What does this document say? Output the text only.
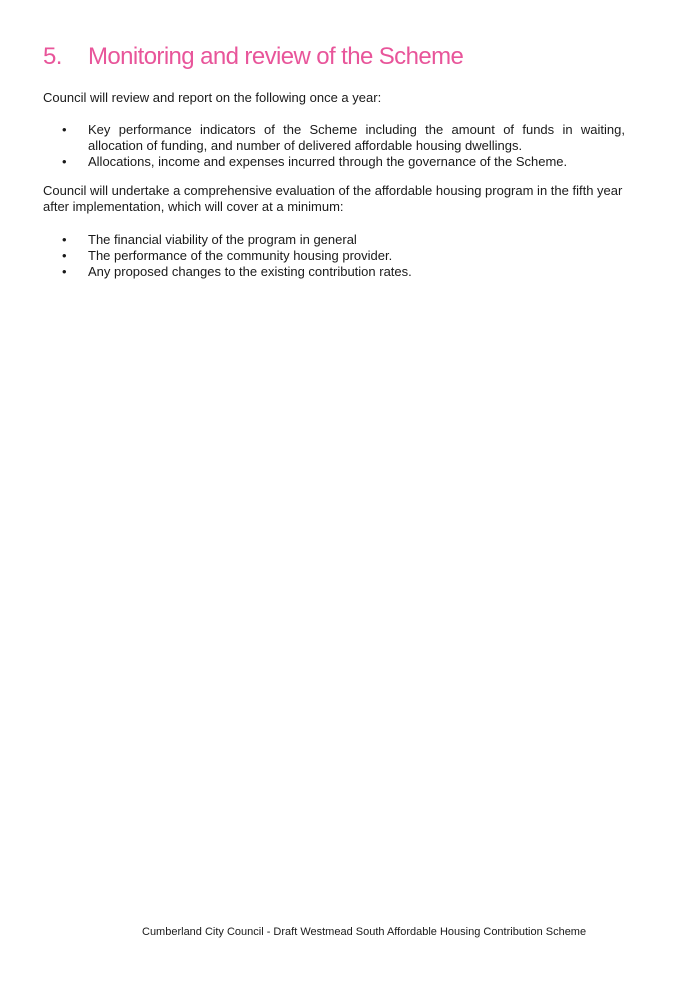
5. Monitoring and review of the Scheme

Council will review and report on the following once a year:

• Key performance indicators of the Scheme including the amount of funds in waiting, allocation of funding, and number of delivered affordable housing dwellings.
• Allocations, income and expenses incurred through the governance of the Scheme.

Council will undertake a comprehensive evaluation of the affordable housing program in the fifth year after implementation, which will cover at a minimum:

• The financial viability of the program in general
• The performance of the community housing provider.
• Any proposed changes to the existing contribution rates.
Cumberland City Council - Draft Westmead South Affordable Housing Contribution Scheme
